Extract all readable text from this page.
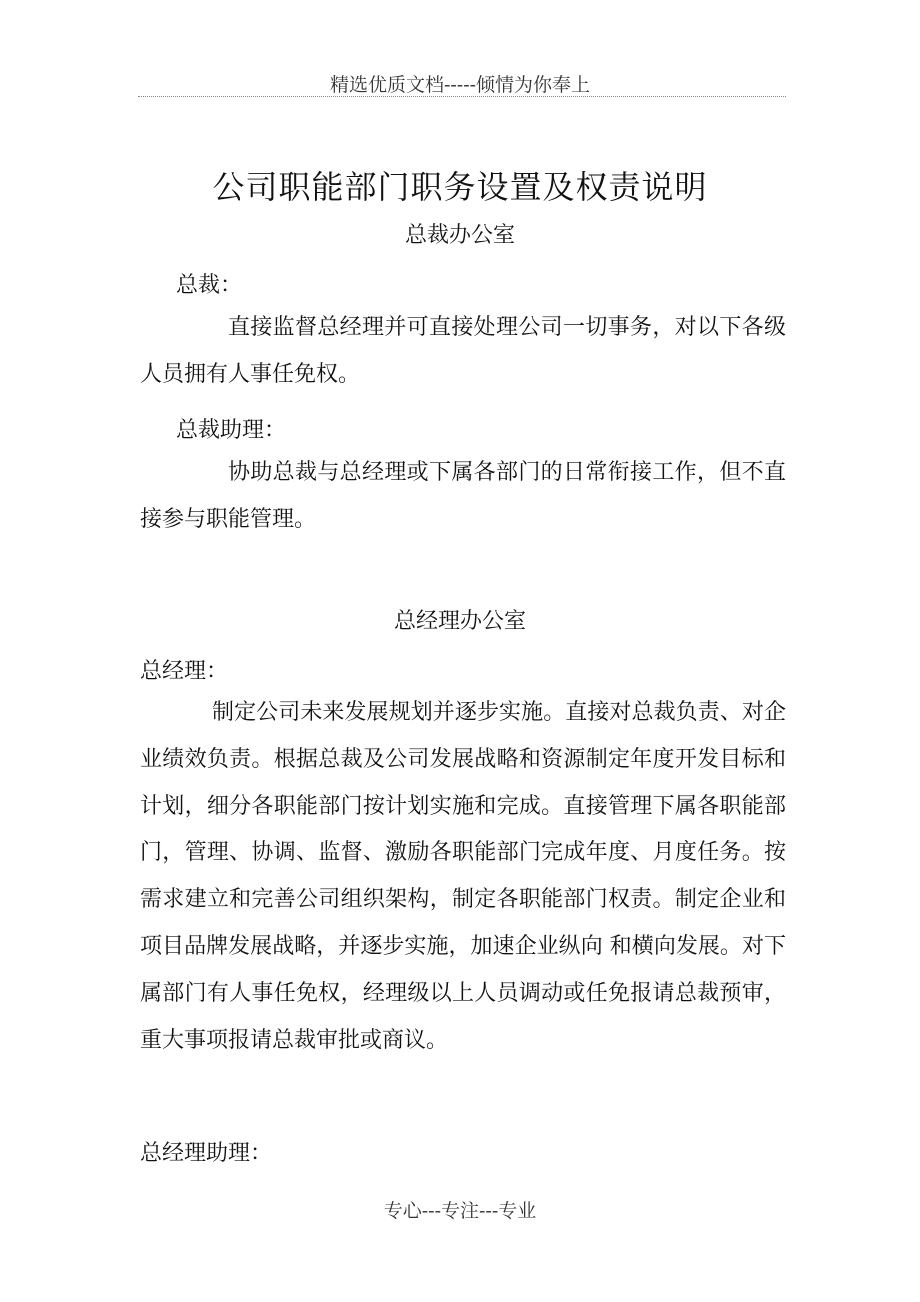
精选优质文档-----倾情为你奉上
公司职能部门职务设置及权责说明
总裁办公室
总裁：
直接监督总经理并可直接处理公司一切事务，对以下各级人员拥有人事任免权。
总裁助理：
协助总裁与总经理或下属各部门的日常衔接工作，但不直接参与职能管理。
总经理办公室
总经理：
制定公司未来发展规划并逐步实施。直接对总裁负责、对企业绩效负责。根据总裁及公司发展战略和资源制定年度开发目标和计划，细分各职能部门按计划实施和完成。直接管理下属各职能部门，管理、协调、监督、激励各职能部门完成年度、月度任务。按需求建立和完善公司组织架构，制定各职能部门权责。制定企业和项目品牌发展战略，并逐步实施，加速企业纵向 和横向发展。对下属部门有人事任免权，经理级以上人员调动或任免报请总裁预审，重大事项报请总裁审批或商议。
总经理助理：
专心---专注---专业
